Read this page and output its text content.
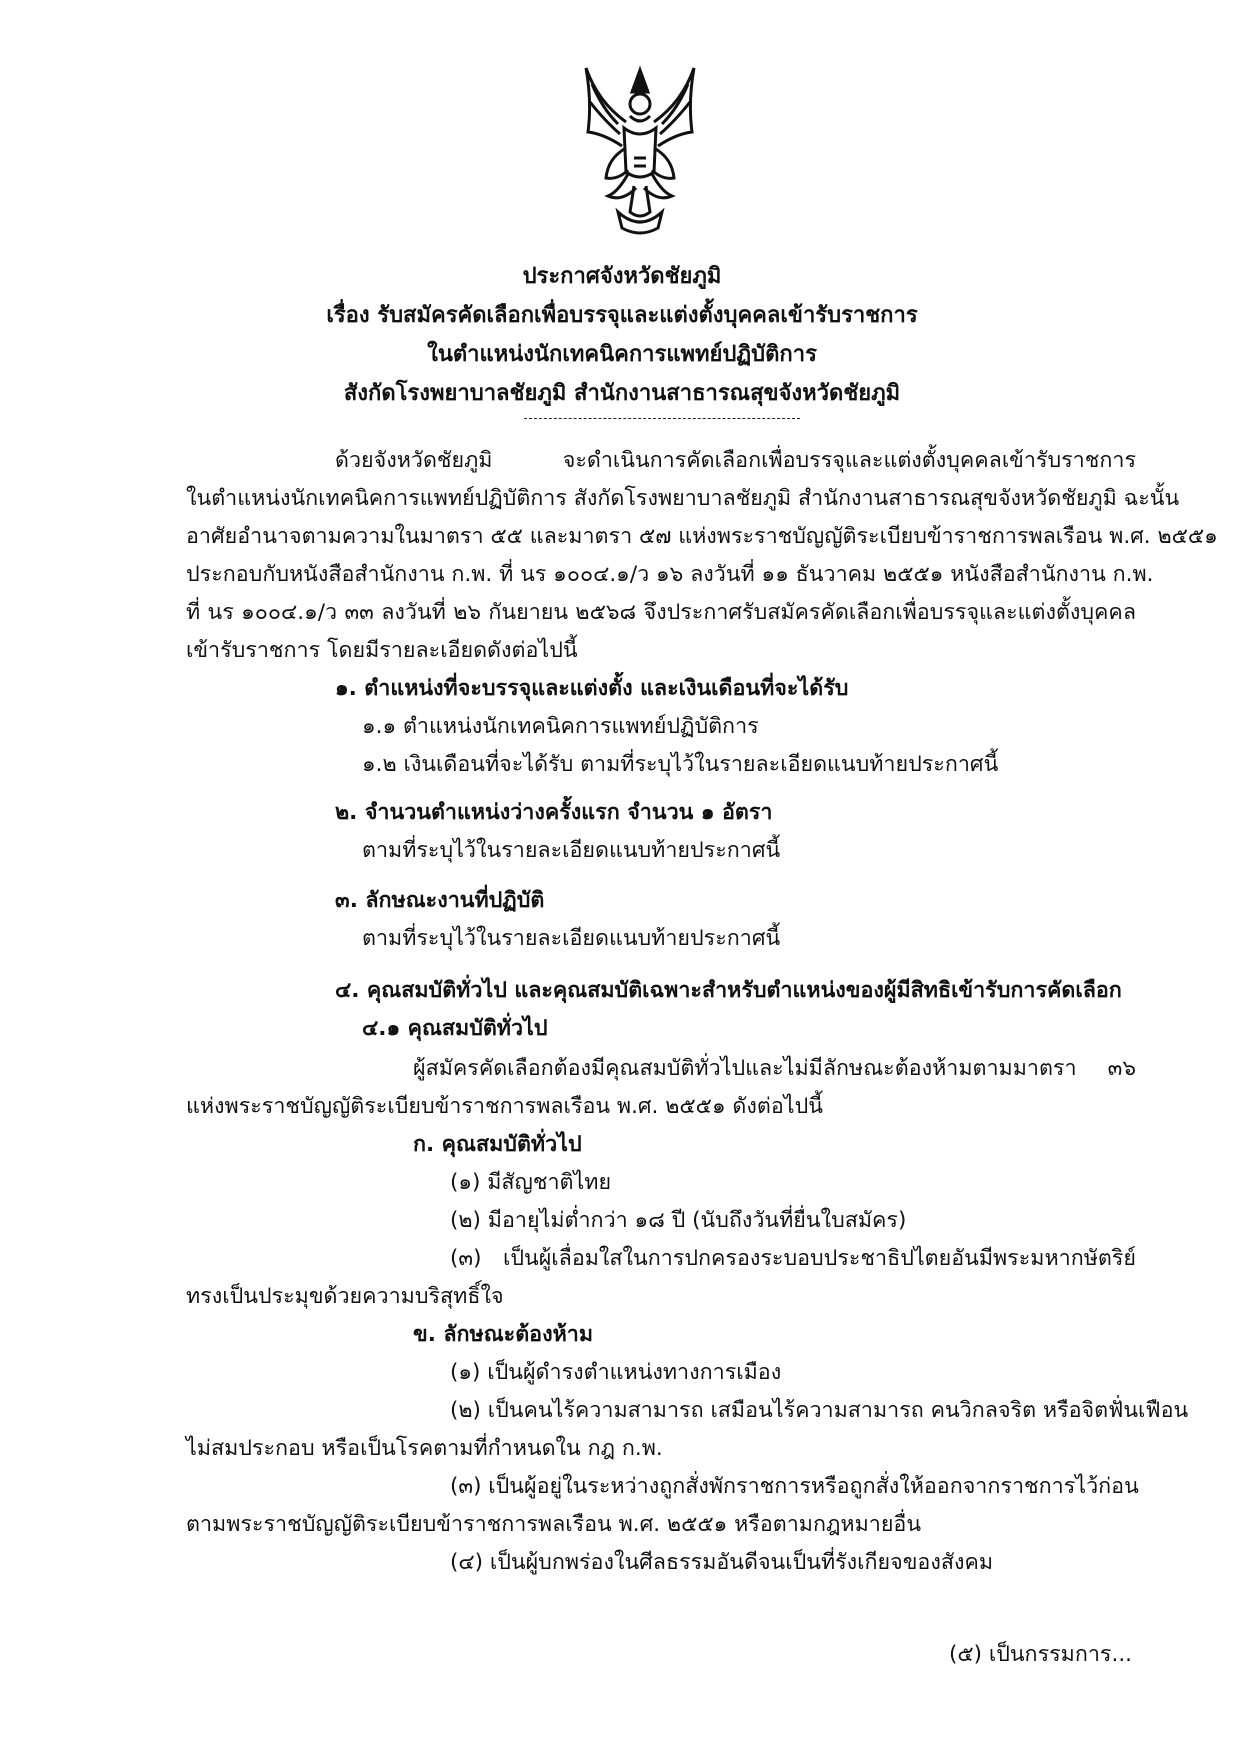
ประกาศจังหวัดชัยภูมิ
เรื่อง รับสมัครคัดเลือกเพื่อบรรจุและแต่งตั้งบุคคลเข้ารับราชการ
ในตำแหน่งนักเทคนิคการแพทย์ปฏิบัติการ
สังกัดโรงพยาบาลชัยภูมิ สำนักงานสาธารณสุขจังหวัดชัยภูมิ
ด้วยจังหวัดชัยภูมิ จะดำเนินการคัดเลือกเพื่อบรรจุและแต่งตั้งบุคคลเข้ารับราชการ
ในตำแหน่งนักเทคนิคการแพทย์ปฏิบัติการ สังกัดโรงพยาบาลชัยภูมิ สำนักงานสาธารณสุขจังหวัดชัยภูมิ ฉะนั้น
อาศัยอำนาจตามความในมาตรา ๕๕ และมาตรา ๕๗ แห่งพระราชบัญญัติระเบียบข้าราชการพลเรือน พ.ศ. ๒๕๕๑
ประกอบกับหนังสือสำนักงาน ก.พ. ที่ นร ๑๐๐๔.๑/ว ๑๖ ลงวันที่ ๑๑ ธันวาคม ๒๕๕๑ หนังสือสำนักงาน ก.พ.
ที่ นร ๑๐๐๔.๑/ว ๓๓ ลงวันที่ ๒๖ กันยายน ๒๕๖๘ จึงประกาศรับสมัครคัดเลือกเพื่อบรรจุและแต่งตั้งบุคคล
เข้ารับราชการ โดยมีรายละเอียดดังต่อไปนี้
๑. ตำแหน่งที่จะบรรจุและแต่งตั้ง และเงินเดือนที่จะได้รับ
๑.๑ ตำแหน่งนักเทคนิคการแพทย์ปฏิบัติการ
๑.๒ เงินเดือนที่จะได้รับ ตามที่ระบุไว้ในรายละเอียดแนบท้ายประกาศนี้
๒. จำนวนตำแหน่งว่างครั้งแรก จำนวน ๑ อัตรา
ตามที่ระบุไว้ในรายละเอียดแนบท้ายประกาศนี้
๓. ลักษณะงานที่ปฏิบัติ
ตามที่ระบุไว้ในรายละเอียดแนบท้ายประกาศนี้
๔. คุณสมบัติทั่วไป และคุณสมบัติเฉพาะสำหรับตำแหน่งของผู้มีสิทธิเข้ารับการคัดเลือก
๔.๑ คุณสมบัติทั่วไป
ผู้สมัครคัดเลือกต้องมีคุณสมบัติทั่วไปและไม่มีลักษณะต้องห้ามตามมาตรา ๓๖
แห่งพระราชบัญญัติระเบียบข้าราชการพลเรือน พ.ศ. ๒๕๕๑ ดังต่อไปนี้
ก. คุณสมบัติทั่วไป
(๑) มีสัญชาติไทย
(๒) มีอายุไม่ต่ำกว่า ๑๘ ปี (นับถึงวันที่ยื่นใบสมัคร)
(๓) เป็นผู้เลื่อมใสในการปกครองระบอบประชาธิปไตยอันมีพระมหากษัตริย์
ทรงเป็นประมุขด้วยความบริสุทธิ์ใจ
ข. ลักษณะต้องห้าม
(๑) เป็นผู้ดำรงตำแหน่งทางการเมือง
(๒) เป็นคนไร้ความสามารถ เสมือนไร้ความสามารถ คนวิกลจริต หรือจิตฟั่นเฟือน
ไม่สมประกอบ หรือเป็นโรคตามที่กำหนดใน กฎ ก.พ.
(๓) เป็นผู้อยู่ในระหว่างถูกสั่งพักราชการหรือถูกสั่งให้ออกจากราชการไว้ก่อน
ตามพระราชบัญญัติระเบียบข้าราชการพลเรือน พ.ศ. ๒๕๕๑ หรือตามกฎหมายอื่น
(๔) เป็นผู้บกพร่องในศีลธรรมอันดีจนเป็นที่รังเกียจของสังคม
(๕) เป็นกรรมการ...
